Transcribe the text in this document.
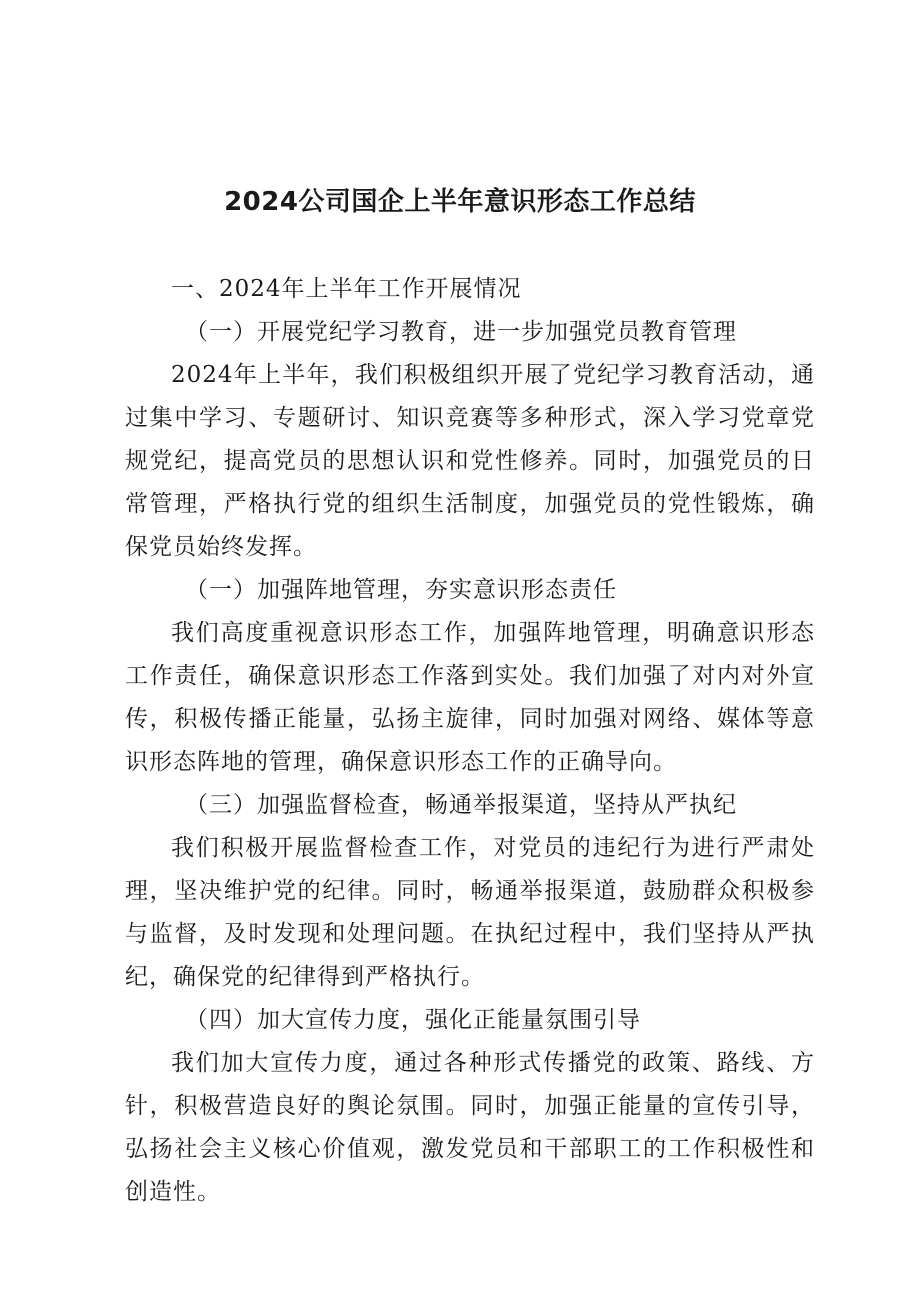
2024公司国企上半年意识形态工作总结

一、2024年上半年工作开展情况

（一）开展党纪学习教育，进一步加强党员教育管理

2024年上半年，我们积极组织开展了党纪学习教育活动，通过集中学习、专题研讨、知识竞赛等多种形式，深入学习党章党规党纪，提高党员的思想认识和党性修养。同时，加强党员的日常管理，严格执行党的组织生活制度，加强党员的党性锻炼，确保党员始终发挥。

（一）加强阵地管理，夯实意识形态责任

我们高度重视意识形态工作，加强阵地管理，明确意识形态工作责任，确保意识形态工作落到实处。我们加强了对内对外宣传，积极传播正能量，弘扬主旋律，同时加强对网络、媒体等意识形态阵地的管理，确保意识形态工作的正确导向。

（三）加强监督检查，畅通举报渠道，坚持从严执纪

我们积极开展监督检查工作，对党员的违纪行为进行严肃处理，坚决维护党的纪律。同时，畅通举报渠道，鼓励群众积极参与监督，及时发现和处理问题。在执纪过程中，我们坚持从严执纪，确保党的纪律得到严格执行。

（四）加大宣传力度，强化正能量氛围引导

我们加大宣传力度，通过各种形式传播党的政策、路线、方针，积极营造良好的舆论氛围。同时，加强正能量的宣传引导，弘扬社会主义核心价值观，激发党员和干部职工的工作积极性和创造性。
